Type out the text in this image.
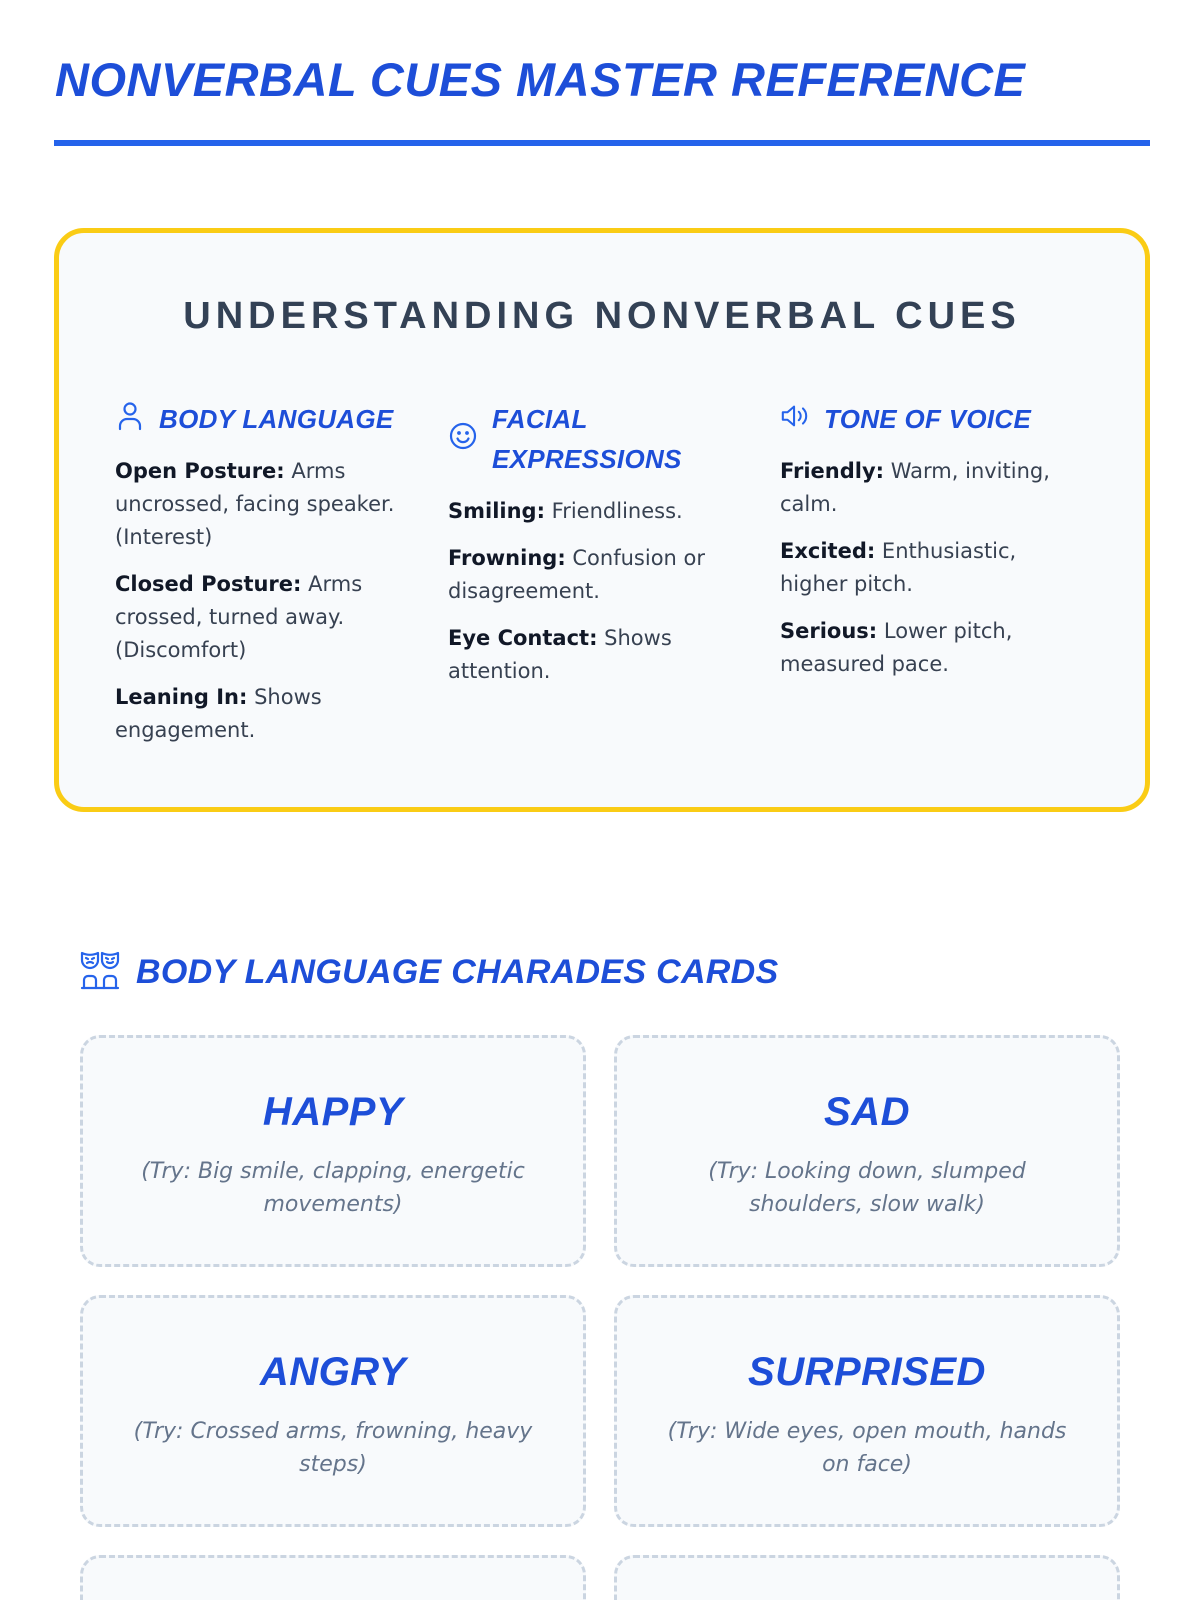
NONVERBAL CUES MASTER REFERENCE
UNDERSTANDING NONVERBAL CUES
BODY LANGUAGE

Open Posture: Arms uncrossed, facing speaker. (Interest)

Closed Posture: Arms crossed, turned away. (Discomfort)

Leaning In: Shows engagement.

FACIAL EXPRESSIONS

Smiling: Friendliness.

Frowning: Confusion or disagreement.

Eye Contact: Shows attention.

TONE OF VOICE

Friendly: Warm, inviting, calm.

Excited: Enthusiastic, higher pitch.

Serious: Lower pitch, measured pace.

BODY LANGUAGE CHARADES CARDS
HAPPY
(Try: Big smile, clapping, energetic movements)
SAD
(Try: Looking down, slumped shoulders, slow walk)
ANGRY
(Try: Crossed arms, frowning, heavy steps)
SURPRISED
(Try: Wide eyes, open mouth, hands on face)
